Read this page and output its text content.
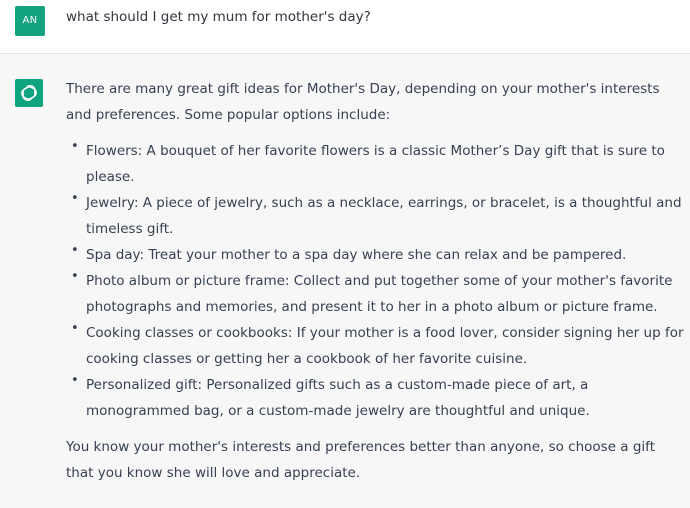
AN	what should I get my mum for mother's day?

There are many great gift ideas for Mother's Day, depending on your mother's interests and preferences. Some popular options include:

• Flowers: A bouquet of her favorite flowers is a classic Mother’s Day gift that is sure to please.
• Jewelry: A piece of jewelry, such as a necklace, earrings, or bracelet, is a thoughtful and timeless gift.
• Spa day: Treat your mother to a spa day where she can relax and be pampered.
• Photo album or picture frame: Collect and put together some of your mother's favorite photographs and memories, and present it to her in a photo album or picture frame.
• Cooking classes or cookbooks: If your mother is a food lover, consider signing her up for cooking classes or getting her a cookbook of her favorite cuisine.
• Personalized gift: Personalized gifts such as a custom-made piece of art, a monogrammed bag, or a custom-made jewelry are thoughtful and unique.

You know your mother's interests and preferences better than anyone, so choose a gift that you know she will love and appreciate.
